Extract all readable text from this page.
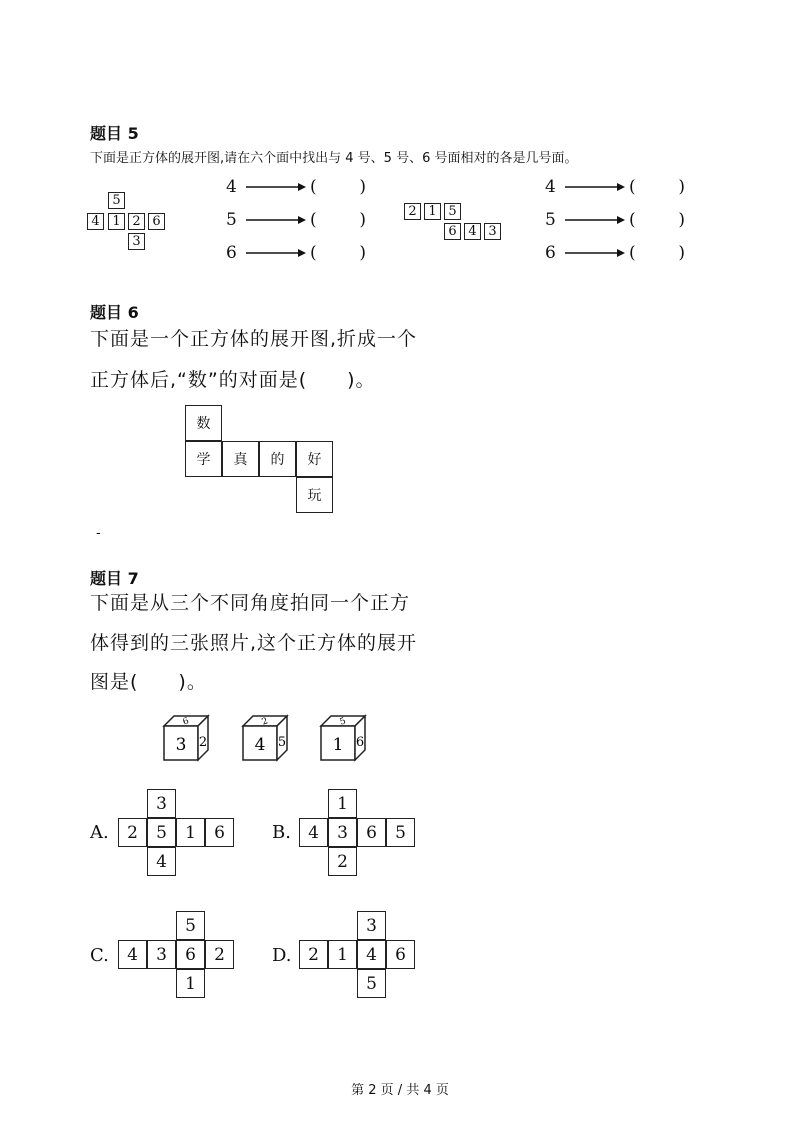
题目 5
下面是正方体的展开图,请在六个面中找出与 4 号、5 号、6 号面相对的各是几号面。
5
4 1 2 6
3
2 1 5
6 4 3
4	(	)
5	(	)
6	(	)
4	(	)
5	(	)
6	(	)
题目 6
下面是一个正方体的展开图,折成一个
正方体后,“数”的对面是(　　)。
数
学	真	的	好
玩
-
题目 7
下面是从三个不同角度拍同一个正方
体得到的三张照片,这个正方体的展开
图是(　　)。
6
3 2
2
4 5
5
1 6
A.
3
2	5	1	6
4
B.
1
4	3	6	5
2
C.
5
4	3	6	2
1
D.
3
2	1	4	6
5
第 2 页 / 共 4 页
